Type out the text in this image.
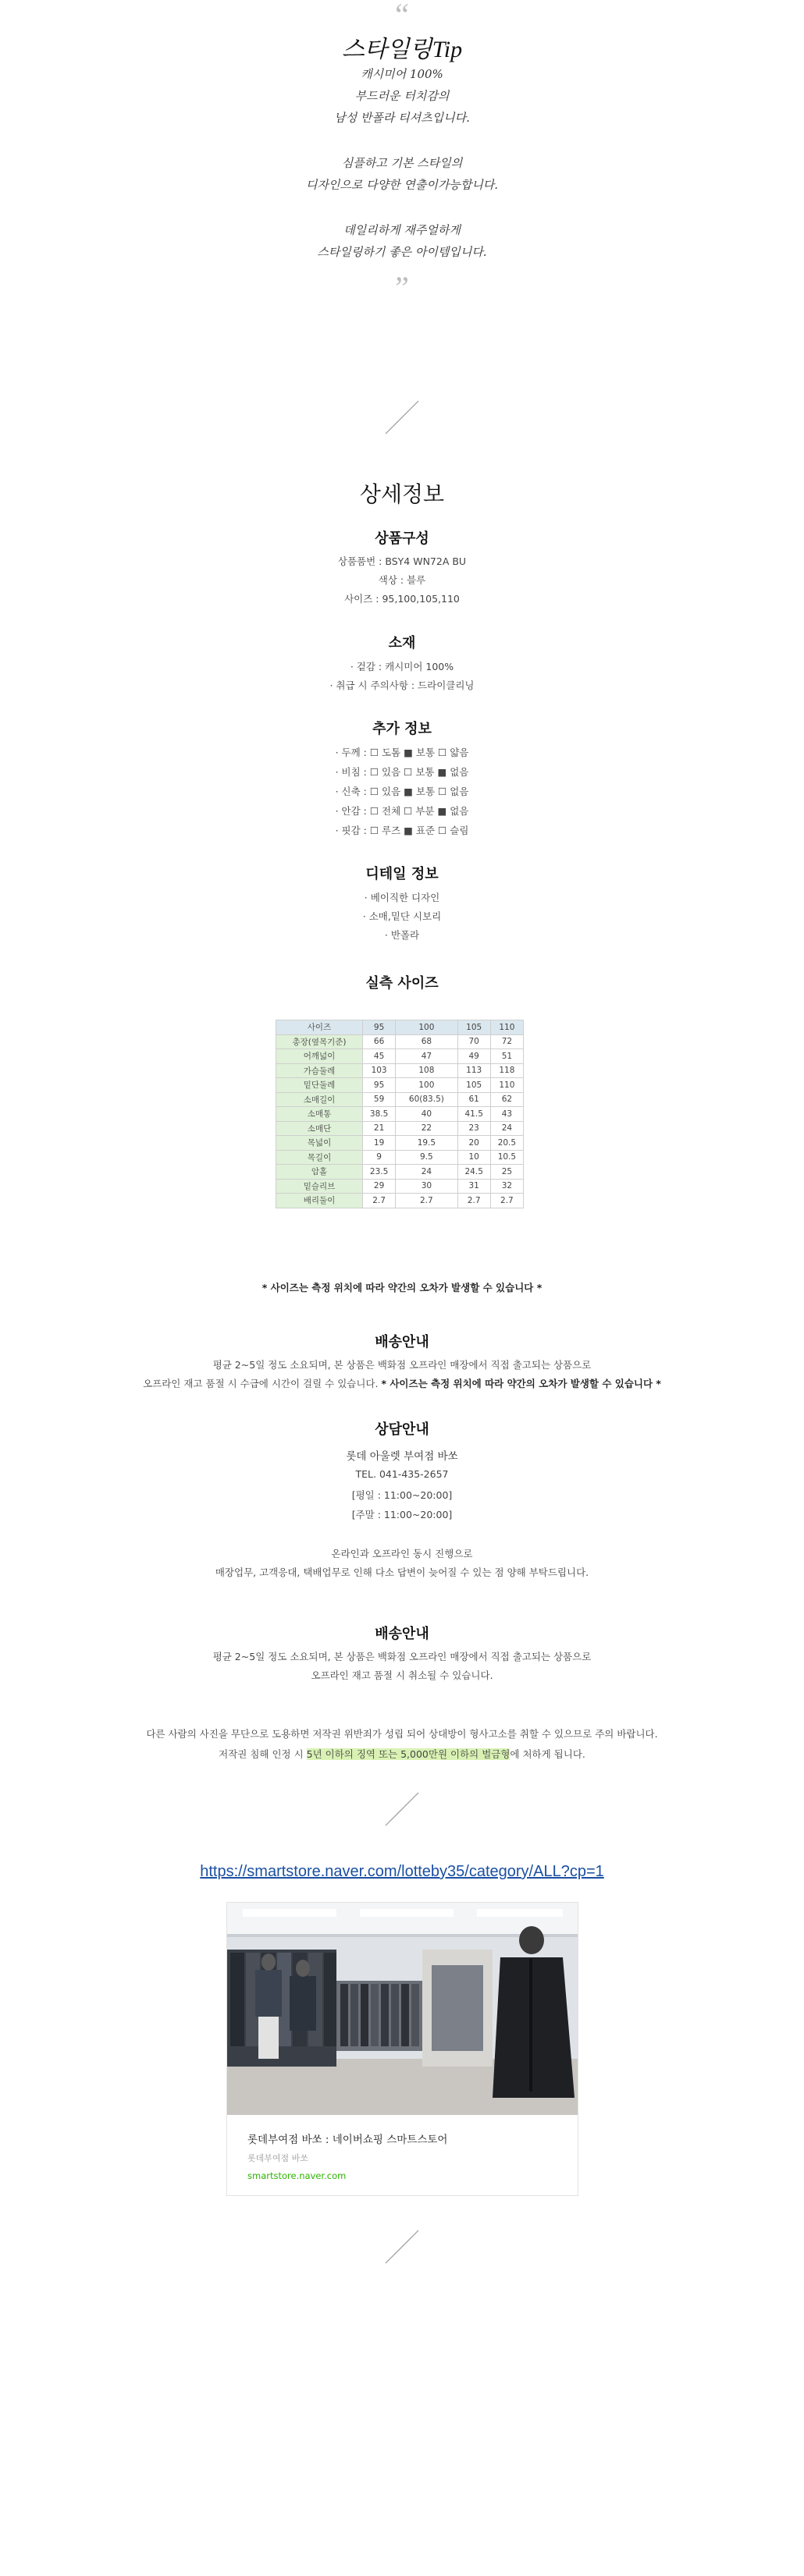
“
스타일링Tip
캐시미어 100%
부드러운 터치감의
남성 반폴라 티셔츠입니다.
심플하고 기본 스타일의
디자인으로 다양한 연출이가능합니다.
데일리하게 재주얼하게
스타일링하기 좋은 아이템입니다.
”
상세정보
상품구성
상품품번 : BSY4 WN72A BU
색상 : 블루
사이즈 : 95,100,105,110
소재
· 겉감 : 캐시미어 100%
· 취급 시 주의사항 : 드라이클리닝
추가 정보
· 두께 : ☐ 도톰 ■ 보통 ☐ 얇음
· 비침 : ☐ 있음 ☐ 보통 ■ 없음
· 신축 : ☐ 있음 ■ 보통 ☐ 없음
· 안감 : ☐ 전체 ☐ 부분 ■ 없음
· 핏감 : ☐ 루즈 ■ 표준 ☐ 슬림
디테일 정보
· 베이직한 디자인
· 소매,밑단 시보리
· 반폴라
실측 사이즈
사이즈	95	100	105	110
총장(옆목기준)	66	68	70	72
어깨넓이	45	47	49	51
가슴둘레	103	108	113	118
밑단둘레	95	100	105	110
소매길이	59	60(83.5)	61	62
소매통	38.5	40	41.5	43
소매단	21	22	23	24
목넓이	19	19.5	20	20.5
목길이	9	9.5	10	10.5
암홀	23.5	24	24.5	25
밑슬리브	29	30	31	32
배리둘이	2.7	2.7	2.7	2.7
* 사이즈는 측정 위치에 따라 약간의 오차가 발생할 수 있습니다 *
배송안내
평균 2~5일 정도 소요되며, 본 상품은 백화점 오프라인 매장에서 직접 출고되는 상품으로
오프라인 재고 품절 시 수급에 시간이 걸릴 수 있습니다. * 사이즈는 측정 위치에 따라 약간의 오차가 발생할 수 있습니다 *
상담안내
롯데 아울렛 부여점 바쏘
TEL. 041-435-2657
[평일 : 11:00~20:00]
[주말 : 11:00~20:00]
온라인과 오프라인 동시 진행으로
매장업무, 고객응대, 택배업무로 인해 다소 답변이 늦어질 수 있는 점 양해 부탁드립니다.
배송안내
평균 2~5일 정도 소요되며, 본 상품은 백화점 오프라인 매장에서 직접 출고되는 상품으로
오프라인 재고 품절 시 취소될 수 있습니다.
다른 사람의 사진을 무단으로 도용하면 저작권 위반죄가 성립 되어 상대방이 형사고소를 취할 수 있으므로 주의 바랍니다.
저작권 침해 인정 시 5년 이하의 징역 또는 5,000만원 이하의 벌금형에 처하게 됩니다.
https://smartstore.naver.com/lotteby35/category/ALL?cp=1
롯데부여점 바쏘 : 네이버쇼핑 스마트스토어
롯데부여점 바쏘
smartstore.naver.com
